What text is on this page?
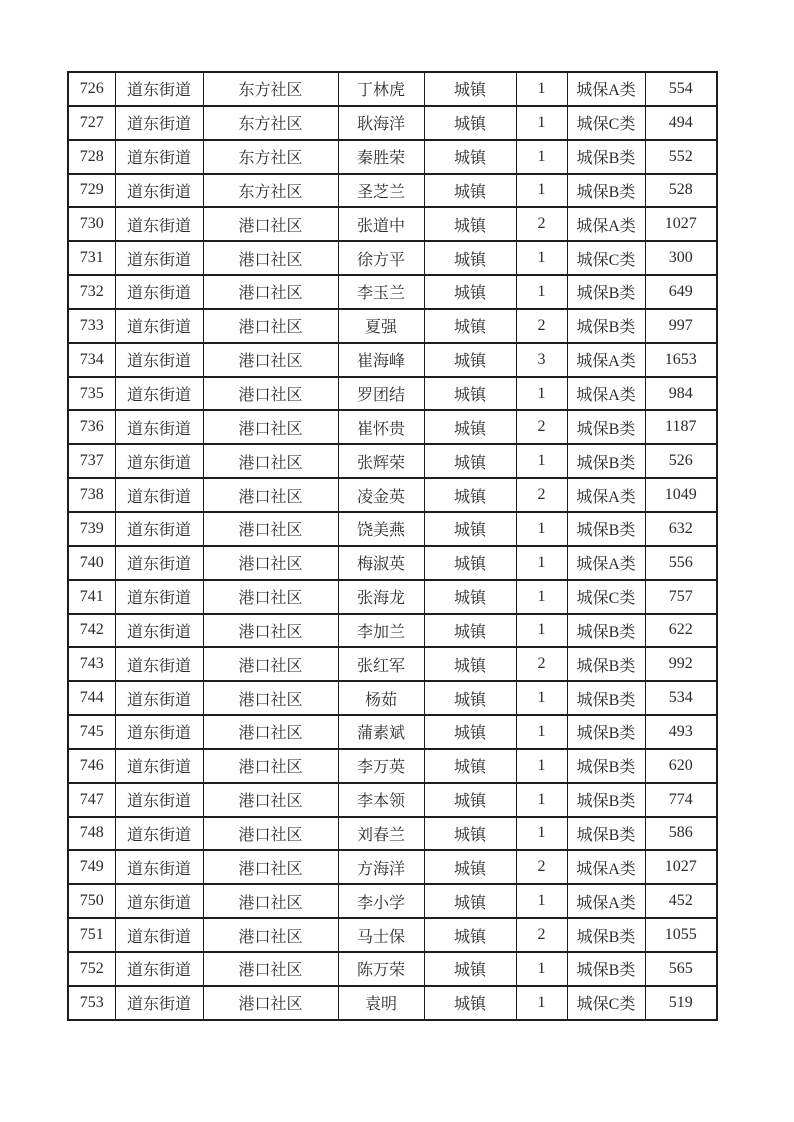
726	道东街道	东方社区	丁林虎	城镇	1	城保A类	554
727	道东街道	东方社区	耿海洋	城镇	1	城保C类	494
728	道东街道	东方社区	秦胜荣	城镇	1	城保B类	552
729	道东街道	东方社区	圣芝兰	城镇	1	城保B类	528
730	道东街道	港口社区	张道中	城镇	2	城保A类	1027
731	道东街道	港口社区	徐方平	城镇	1	城保C类	300
732	道东街道	港口社区	李玉兰	城镇	1	城保B类	649
733	道东街道	港口社区	夏强	城镇	2	城保B类	997
734	道东街道	港口社区	崔海峰	城镇	3	城保A类	1653
735	道东街道	港口社区	罗团结	城镇	1	城保A类	984
736	道东街道	港口社区	崔怀贵	城镇	2	城保B类	1187
737	道东街道	港口社区	张辉荣	城镇	1	城保B类	526
738	道东街道	港口社区	凌金英	城镇	2	城保A类	1049
739	道东街道	港口社区	饶美燕	城镇	1	城保B类	632
740	道东街道	港口社区	梅淑英	城镇	1	城保A类	556
741	道东街道	港口社区	张海龙	城镇	1	城保C类	757
742	道东街道	港口社区	李加兰	城镇	1	城保B类	622
743	道东街道	港口社区	张红军	城镇	2	城保B类	992
744	道东街道	港口社区	杨茹	城镇	1	城保B类	534
745	道东街道	港口社区	蒲素斌	城镇	1	城保B类	493
746	道东街道	港口社区	李万英	城镇	1	城保B类	620
747	道东街道	港口社区	李本领	城镇	1	城保B类	774
748	道东街道	港口社区	刘春兰	城镇	1	城保B类	586
749	道东街道	港口社区	方海洋	城镇	2	城保A类	1027
750	道东街道	港口社区	李小学	城镇	1	城保A类	452
751	道东街道	港口社区	马士保	城镇	2	城保B类	1055
752	道东街道	港口社区	陈万荣	城镇	1	城保B类	565
753	道东街道	港口社区	袁明	城镇	1	城保C类	519
